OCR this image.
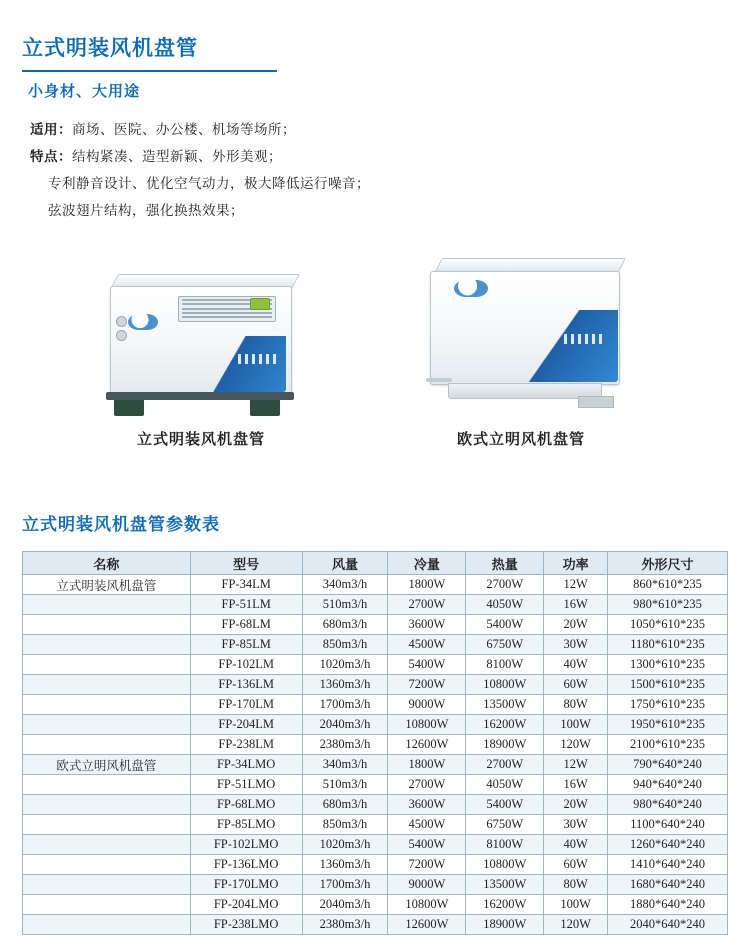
立式明装风机盘管
小身材、大用途
适用：商场、医院、办公楼、机场等场所；
特点：结构紧凑、造型新颖、外形美观；
专利静音设计、优化空气动力，极大降低运行噪音；
弦波翅片结构，强化换热效果；
立式明装风机盘管	欧式立明风机盘管
立式明装风机盘管参数表
名称	型号	风量	冷量	热量	功率	外形尺寸
立式明装风机盘管	FP-34LM	340m3/h	1800W	2700W	12W	860*610*235
	FP-51LM	510m3/h	2700W	4050W	16W	980*610*235
	FP-68LM	680m3/h	3600W	5400W	20W	1050*610*235
	FP-85LM	850m3/h	4500W	6750W	30W	1180*610*235
	FP-102LM	1020m3/h	5400W	8100W	40W	1300*610*235
	FP-136LM	1360m3/h	7200W	10800W	60W	1500*610*235
	FP-170LM	1700m3/h	9000W	13500W	80W	1750*610*235
	FP-204LM	2040m3/h	10800W	16200W	100W	1950*610*235
	FP-238LM	2380m3/h	12600W	18900W	120W	2100*610*235
欧式立明风机盘管	FP-34LMO	340m3/h	1800W	2700W	12W	790*640*240
	FP-51LMO	510m3/h	2700W	4050W	16W	940*640*240
	FP-68LMO	680m3/h	3600W	5400W	20W	980*640*240
	FP-85LMO	850m3/h	4500W	6750W	30W	1100*640*240
	FP-102LMO	1020m3/h	5400W	8100W	40W	1260*640*240
	FP-136LMO	1360m3/h	7200W	10800W	60W	1410*640*240
	FP-170LMO	1700m3/h	9000W	13500W	80W	1680*640*240
	FP-204LMO	2040m3/h	10800W	16200W	100W	1880*640*240
	FP-238LMO	2380m3/h	12600W	18900W	120W	2040*640*240
